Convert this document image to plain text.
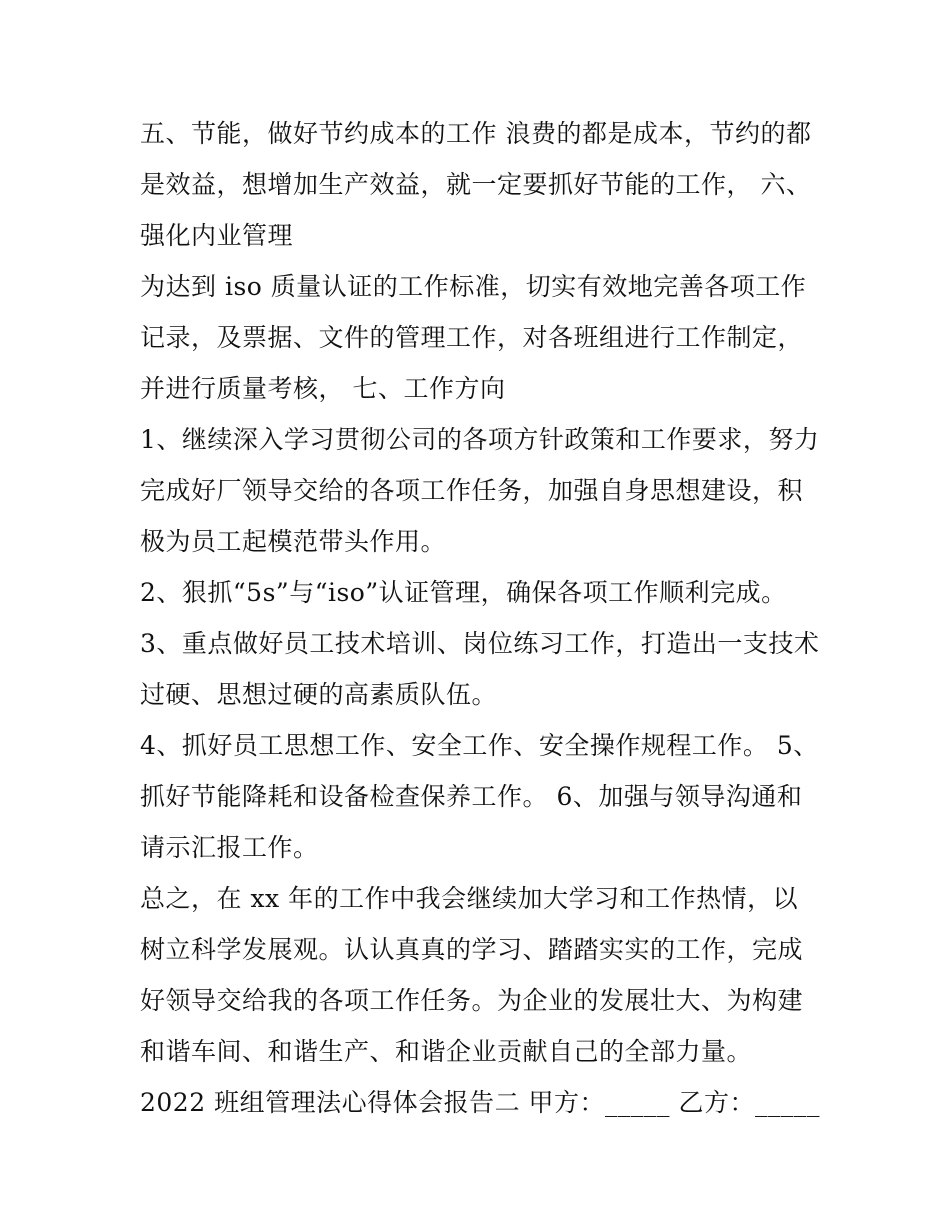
五、节能，做好节约成本的工作 浪费的都是成本，节约的都是效益，想增加生产效益，就一定要抓好节能的工作， 六、强化内业管理

为达到 iso 质量认证的工作标准，切实有效地完善各项工作记录，及票据、文件的管理工作，对各班组进行工作制定，并进行质量考核， 七、工作方向

1、继续深入学习贯彻公司的各项方针政策和工作要求，努力完成好厂领导交给的各项工作任务，加强自身思想建设，积极为员工起模范带头作用。

2、狠抓“5s”与“iso”认证管理，确保各项工作顺利完成。 3、重点做好员工技术培训、岗位练习工作，打造出一支技术过硬、思想过硬的高素质队伍。

4、抓好员工思想工作、安全工作、安全操作规程工作。 5、抓好节能降耗和设备检查保养工作。 6、加强与领导沟通和请示汇报工作。

总之，在 xx 年的工作中我会继续加大学习和工作热情，以树立科学发展观。认认真真的学习、踏踏实实的工作，完成好领导交给我的各项工作任务。为企业的发展壮大、为构建和谐车间、和谐生产、和谐企业贡献自己的全部力量。

2022 班组管理法心得体会报告二 甲方：_____ 乙方：_____
